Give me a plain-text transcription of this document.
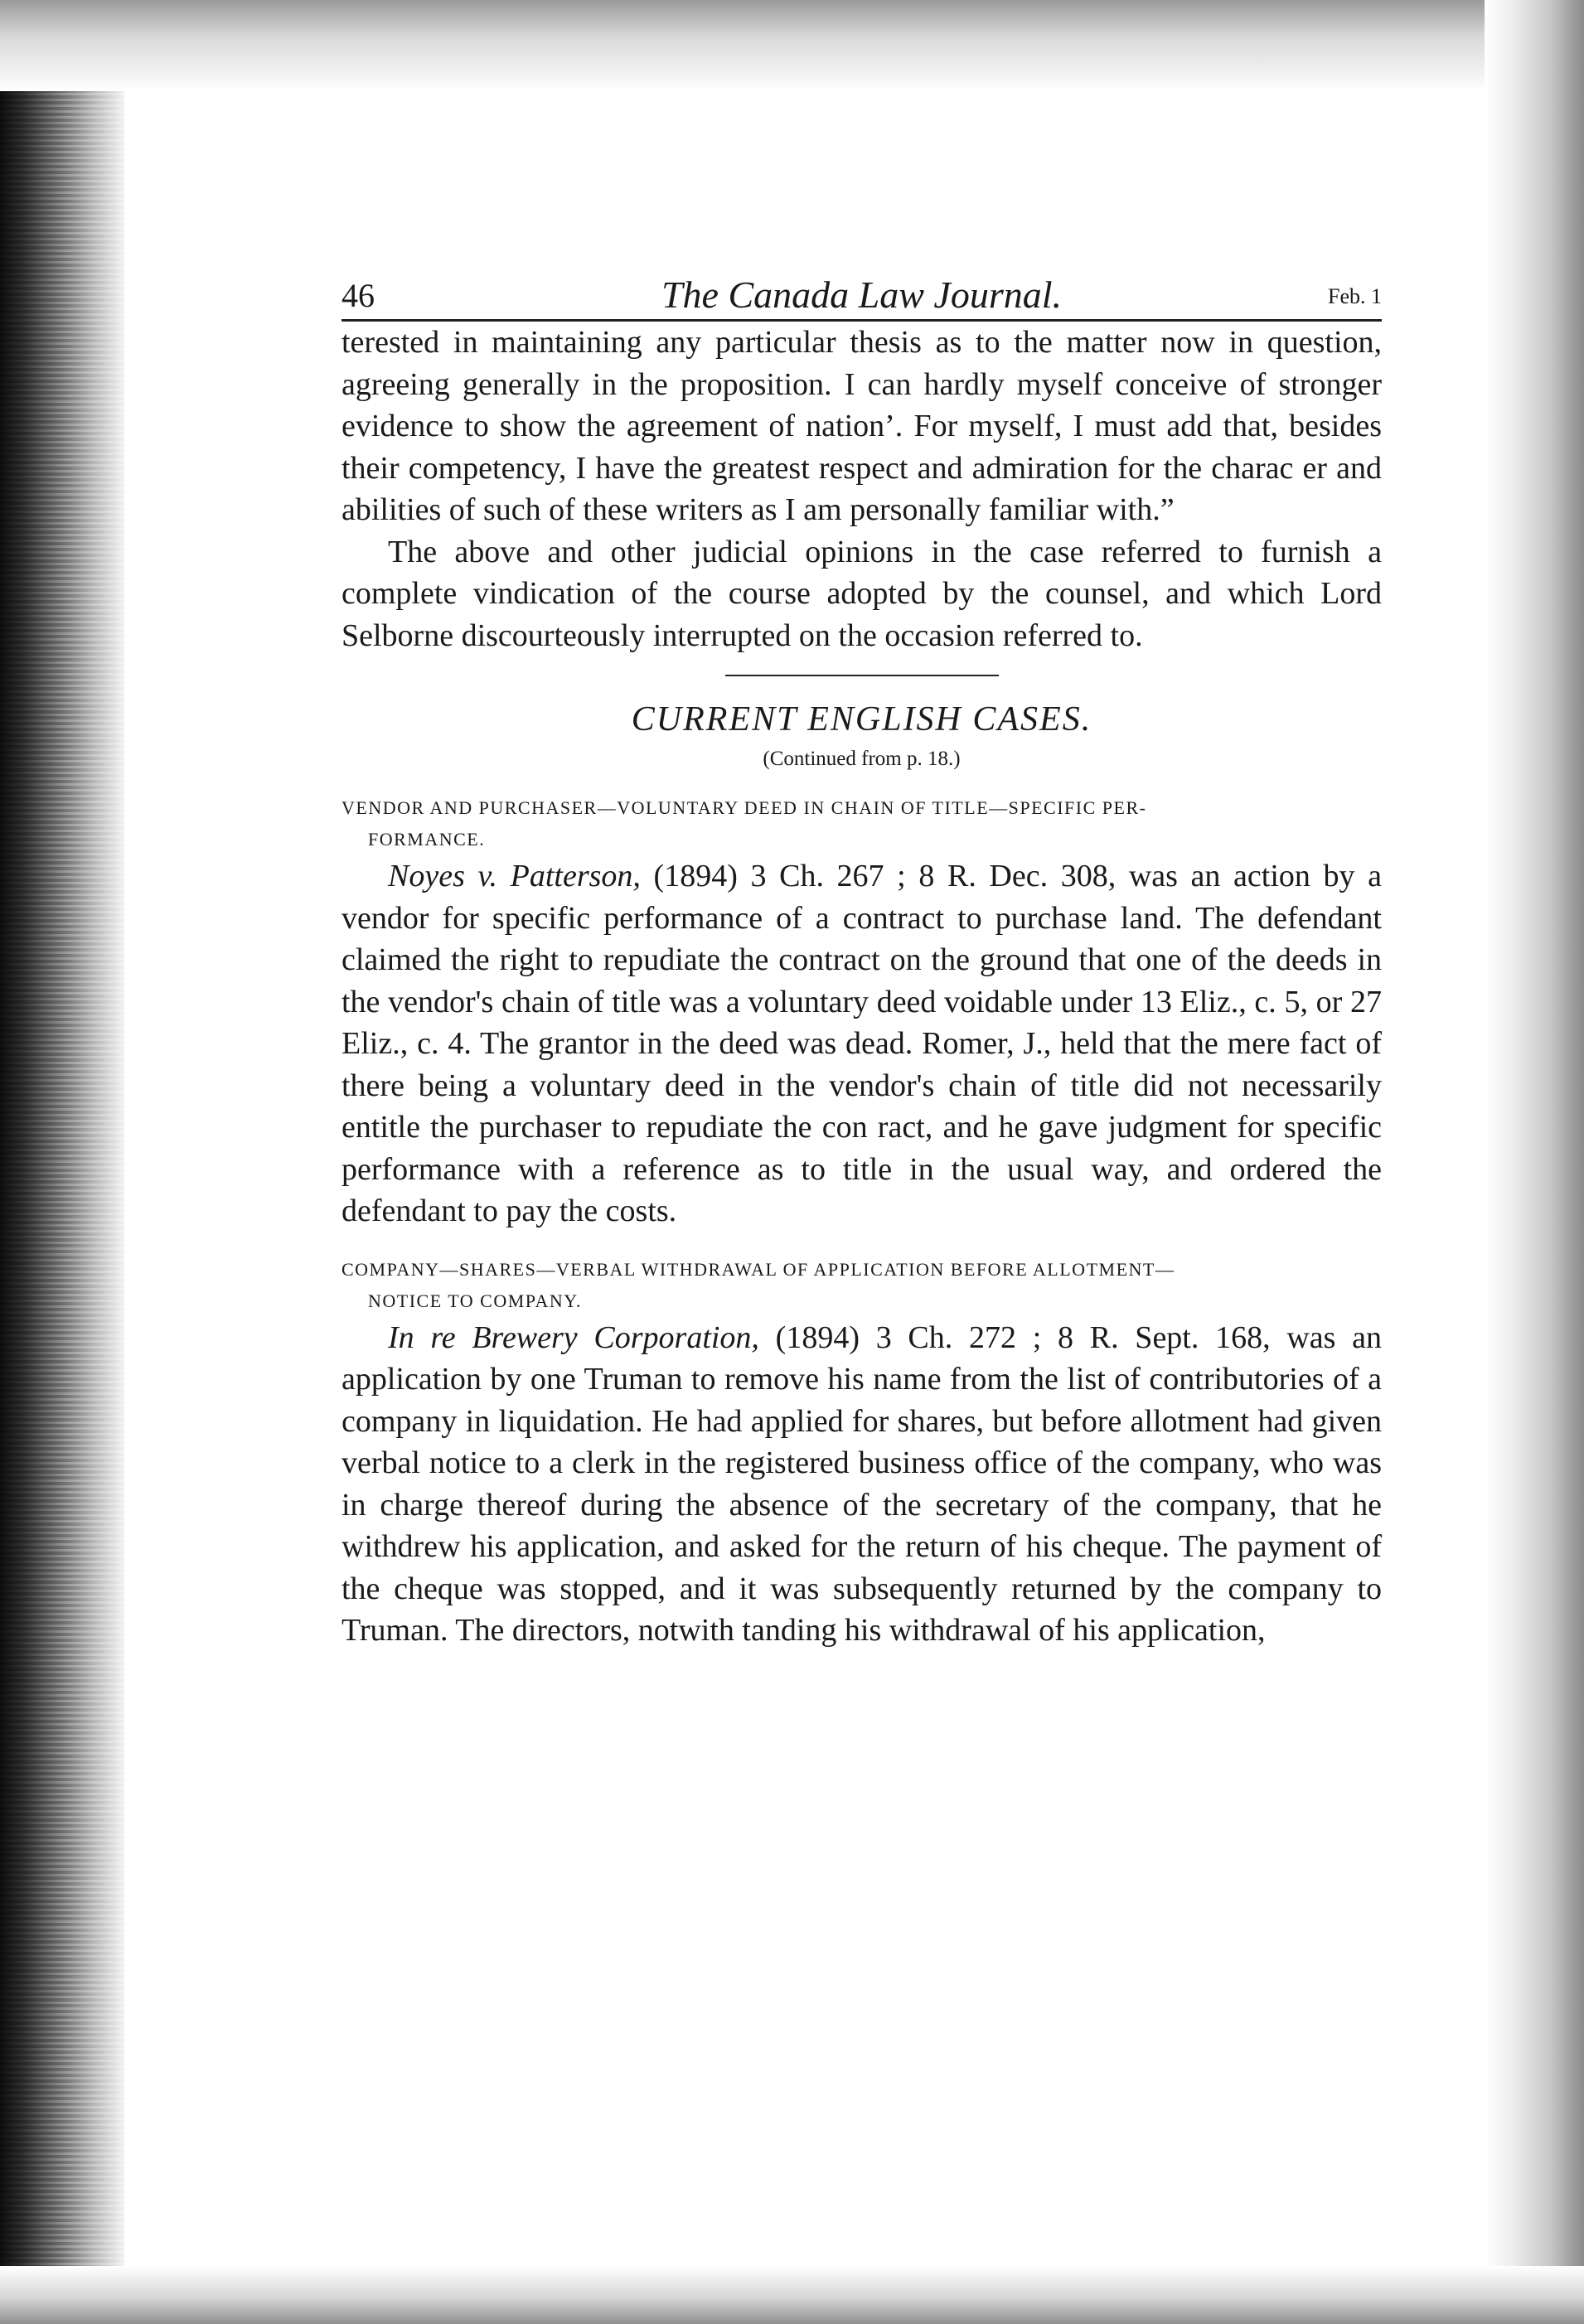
46	The Canada Law Journal.	Feb. 1

terested in maintaining any particular thesis as to the matter now in question, agreeing generally in the proposition. I can hardly myself conceive of stronger evidence to show the agreement of nation’. For myself, I must add that, besides their competency, I have the greatest respect and admiration for the charac er and abilities of such of these writers as I am personally familiar with.”

The above and other judicial opinions in the case referred to furnish a complete vindication of the course adopted by the counsel, and which Lord Selborne discourteously interrupted on the occasion referred to.

CURRENT ENGLISH CASES.
(Continued from p. 18.)
VENDOR AND PURCHASER—VOLUNTARY DEED IN CHAIN OF TITLE—SPECIFIC PER-
FORMANCE.

Noyes v. Patterson, (1894) 3 Ch. 267 ; 8 R. Dec. 308, was an action by a vendor for specific performance of a contract to purchase land. The defendant claimed the right to repudiate the contract on the ground that one of the deeds in the vendor's chain of title was a voluntary deed voidable under 13 Eliz., c. 5, or 27 Eliz., c. 4. The grantor in the deed was dead. Romer, J., held that the mere fact of there being a voluntary deed in the vendor's chain of title did not necessarily entitle the purchaser to repudiate the con ract, and he gave judgment for specific performance with a reference as to title in the usual way, and ordered the defendant to pay the costs.

COMPANY—SHARES—VERBAL WITHDRAWAL OF APPLICATION BEFORE ALLOTMENT—
NOTICE TO COMPANY.

In re Brewery Corporation, (1894) 3 Ch. 272 ; 8 R. Sept. 168, was an application by one Truman to remove his name from the list of contributories of a company in liquidation. He had applied for shares, but before allotment had given verbal notice to a clerk in the registered business office of the company, who was in charge thereof during the absence of the secretary of the company, that he withdrew his application, and asked for the return of his cheque. The payment of the cheque was stopped, and it was subsequently returned by the company to Truman. The directors, notwith tanding his withdrawal of his application,
